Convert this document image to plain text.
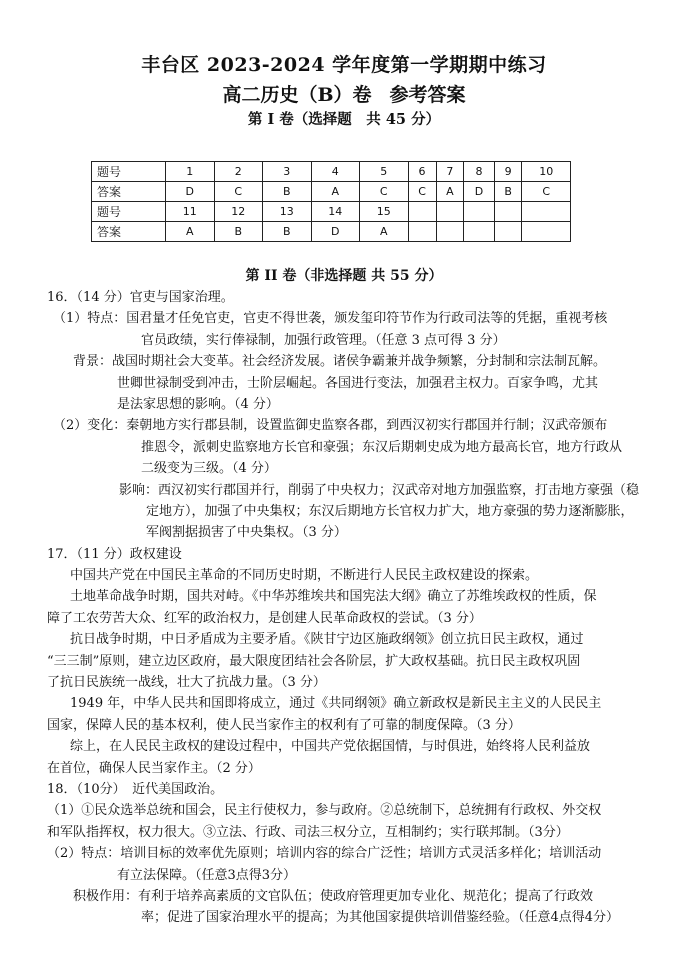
丰台区 2023-2024 学年度第一学期期中练习
高二历史（B）卷 参考答案
第 I 卷（选择题　共 45 分）
题号	1	2	3	4	5	6	7	8	9	10
答案	D	C	B	A	C	C	A	D	B	C
题号	11	12	13	14	15					
答案	A	B	B	D	A					
第 II 卷（非选择题 共 55 分）
16．（14 分）官吏与国家治理。
（1）特点：国君量才任免官吏，官吏不得世袭，颁发玺印符节作为行政司法等的凭据，重视考核
官员政绩，实行俸禄制，加强行政管理。（任意 3 点可得 3 分）
背景：战国时期社会大变革。社会经济发展。诸侯争霸兼并战争频繁，分封制和宗法制瓦解。
世卿世禄制受到冲击，士阶层崛起。各国进行变法，加强君主权力。百家争鸣，尤其
是法家思想的影响。（4 分）
（2）变化：秦朝地方实行郡县制，设置监御史监察各郡，到西汉初实行郡国并行制；汉武帝颁布
推恩令，派刺史监察地方长官和豪强；东汉后期刺史成为地方最高长官，地方行政从
二级变为三级。（4 分）
影响：西汉初实行郡国并行，削弱了中央权力；汉武帝对地方加强监察，打击地方豪强（稳
定地方），加强了中央集权；东汉后期地方长官权力扩大，地方豪强的势力逐渐膨胀，
军阀割据损害了中央集权。（3 分）
17．（11 分）政权建设
中国共产党在中国民主革命的不同历史时期，不断进行人民民主政权建设的探索。
土地革命战争时期，国共对峙。《中华苏维埃共和国宪法大纲》确立了苏维埃政权的性质，保
障了工农劳苦大众、红军的政治权力，是创建人民革命政权的尝试。（3 分）
抗日战争时期，中日矛盾成为主要矛盾。《陕甘宁边区施政纲领》创立抗日民主政权，通过
“三三制”原则，建立边区政府，最大限度团结社会各阶层，扩大政权基础。抗日民主政权巩固
了抗日民族统一战线，壮大了抗战力量。（3 分）
1949 年，中华人民共和国即将成立，通过《共同纲领》确立新政权是新民主主义的人民民主
国家，保障人民的基本权利，使人民当家作主的权利有了可靠的制度保障。（3 分）
综上，在人民民主政权的建设过程中，中国共产党依据国情，与时俱进，始终将人民利益放
在首位，确保人民当家作主。（2 分）
18．（10分）　近代美国政治。
（1）①民众选举总统和国会，民主行使权力，参与政府。②总统制下，总统拥有行政权、外交权
和军队指挥权，权力很大。③立法、行政、司法三权分立，互相制约；实行联邦制。（3分）
（2）特点：培训目标的效率优先原则；培训内容的综合广泛性；培训方式灵活多样化；培训活动
有立法保障。（任意3点得3分）
积极作用：有利于培养高素质的文官队伍；使政府管理更加专业化、规范化；提高了行政效
率；促进了国家治理水平的提高；为其他国家提供培训借鉴经验。（任意4点得4分）
